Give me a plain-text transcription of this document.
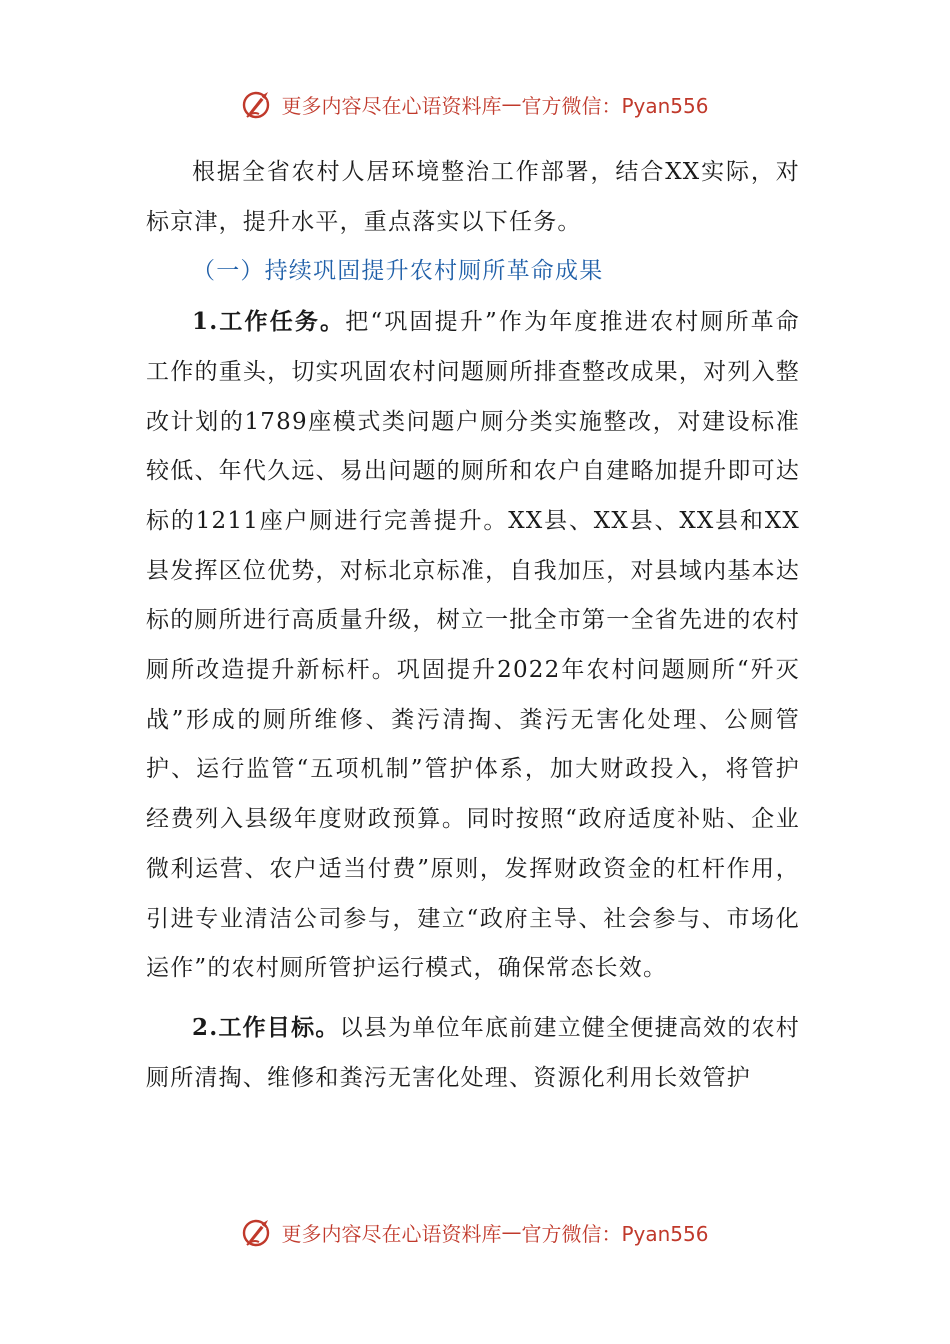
更多内容尽在心语资料库 — 官方微信：Pyan556

根据全省农村人居环境整治工作部署，结合XX实际，对标京津，提升水平，重点落实以下任务。

（一）持续巩固提升农村厕所革命成果

1.工作任务。把“巩固提升”作为年度推进农村厕所革命工作的重头，切实巩固农村问题厕所排查整改成果，对列入整改计划的1789座模式类问题户厕分类实施整改，对建设标准较低、年代久远、易出问题的厕所和农户自建略加提升即可达标的1211座户厕进行完善提升。XX县、XX县、XX县和XX县发挥区位优势，对标北京标准，自我加压，对县域内基本达标的厕所进行高质量升级，树立一批全市第一全省先进的农村厕所改造提升新标杆。巩固提升2022年农村问题厕所“歼灭战”形成的厕所维修、粪污清掏、粪污无害化处理、公厕管护、运行监管“五项机制”管护体系，加大财政投入，将管护经费列入县级年度财政预算。同时按照“政府适度补贴、企业微利运营、农户适当付费”原则，发挥财政资金的杠杆作用，引进专业清洁公司参与，建立“政府主导、社会参与、市场化运作”的农村厕所管护运行模式，确保常态长效。

2.工作目标。以县为单位年底前建立健全便捷高效的农村厕所清掏、维修和粪污无害化处理、资源化利用长效管护

更多内容尽在心语资料库 — 官方微信：Pyan556
